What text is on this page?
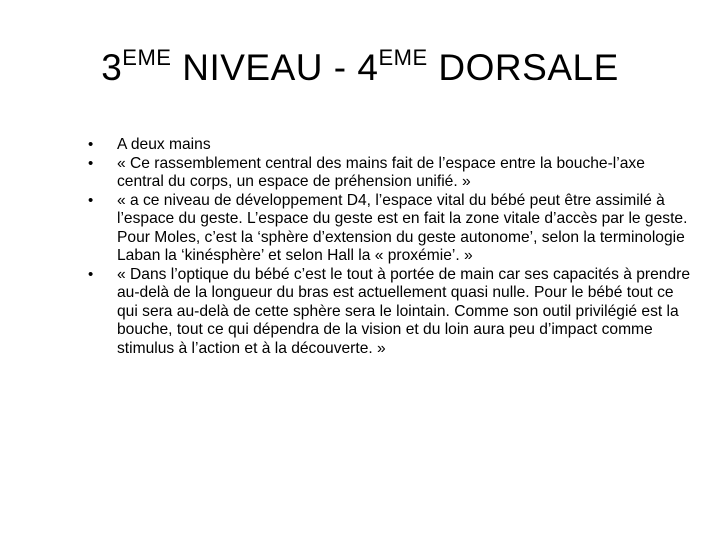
3EME NIVEAU - 4EME DORSALE
•	A deux mains
•	« Ce rassemblement central des mains fait de l’espace entre la bouche-l’axe central du corps, un espace de préhension unifié. »
•	« a ce niveau de développement D4, l’espace vital du bébé peut être assimilé à l’espace du geste. L’espace du geste est en fait la zone vitale d’accès par le geste. Pour Moles, c’est la ‘sphère d’extension du geste autonome’, selon la terminologie Laban la ‘kinésphère’ et selon Hall la « proxémie’. »
•	« Dans l’optique du bébé c’est le tout à portée de main car ses capacités à prendre au-delà de la longueur du bras est actuellement quasi nulle. Pour le bébé tout ce qui sera au-delà de cette sphère sera le lointain. Comme son outil privilégié est la bouche, tout ce qui dépendra de la vision et du loin aura peu d’impact comme stimulus à l’action et à la découverte. »
